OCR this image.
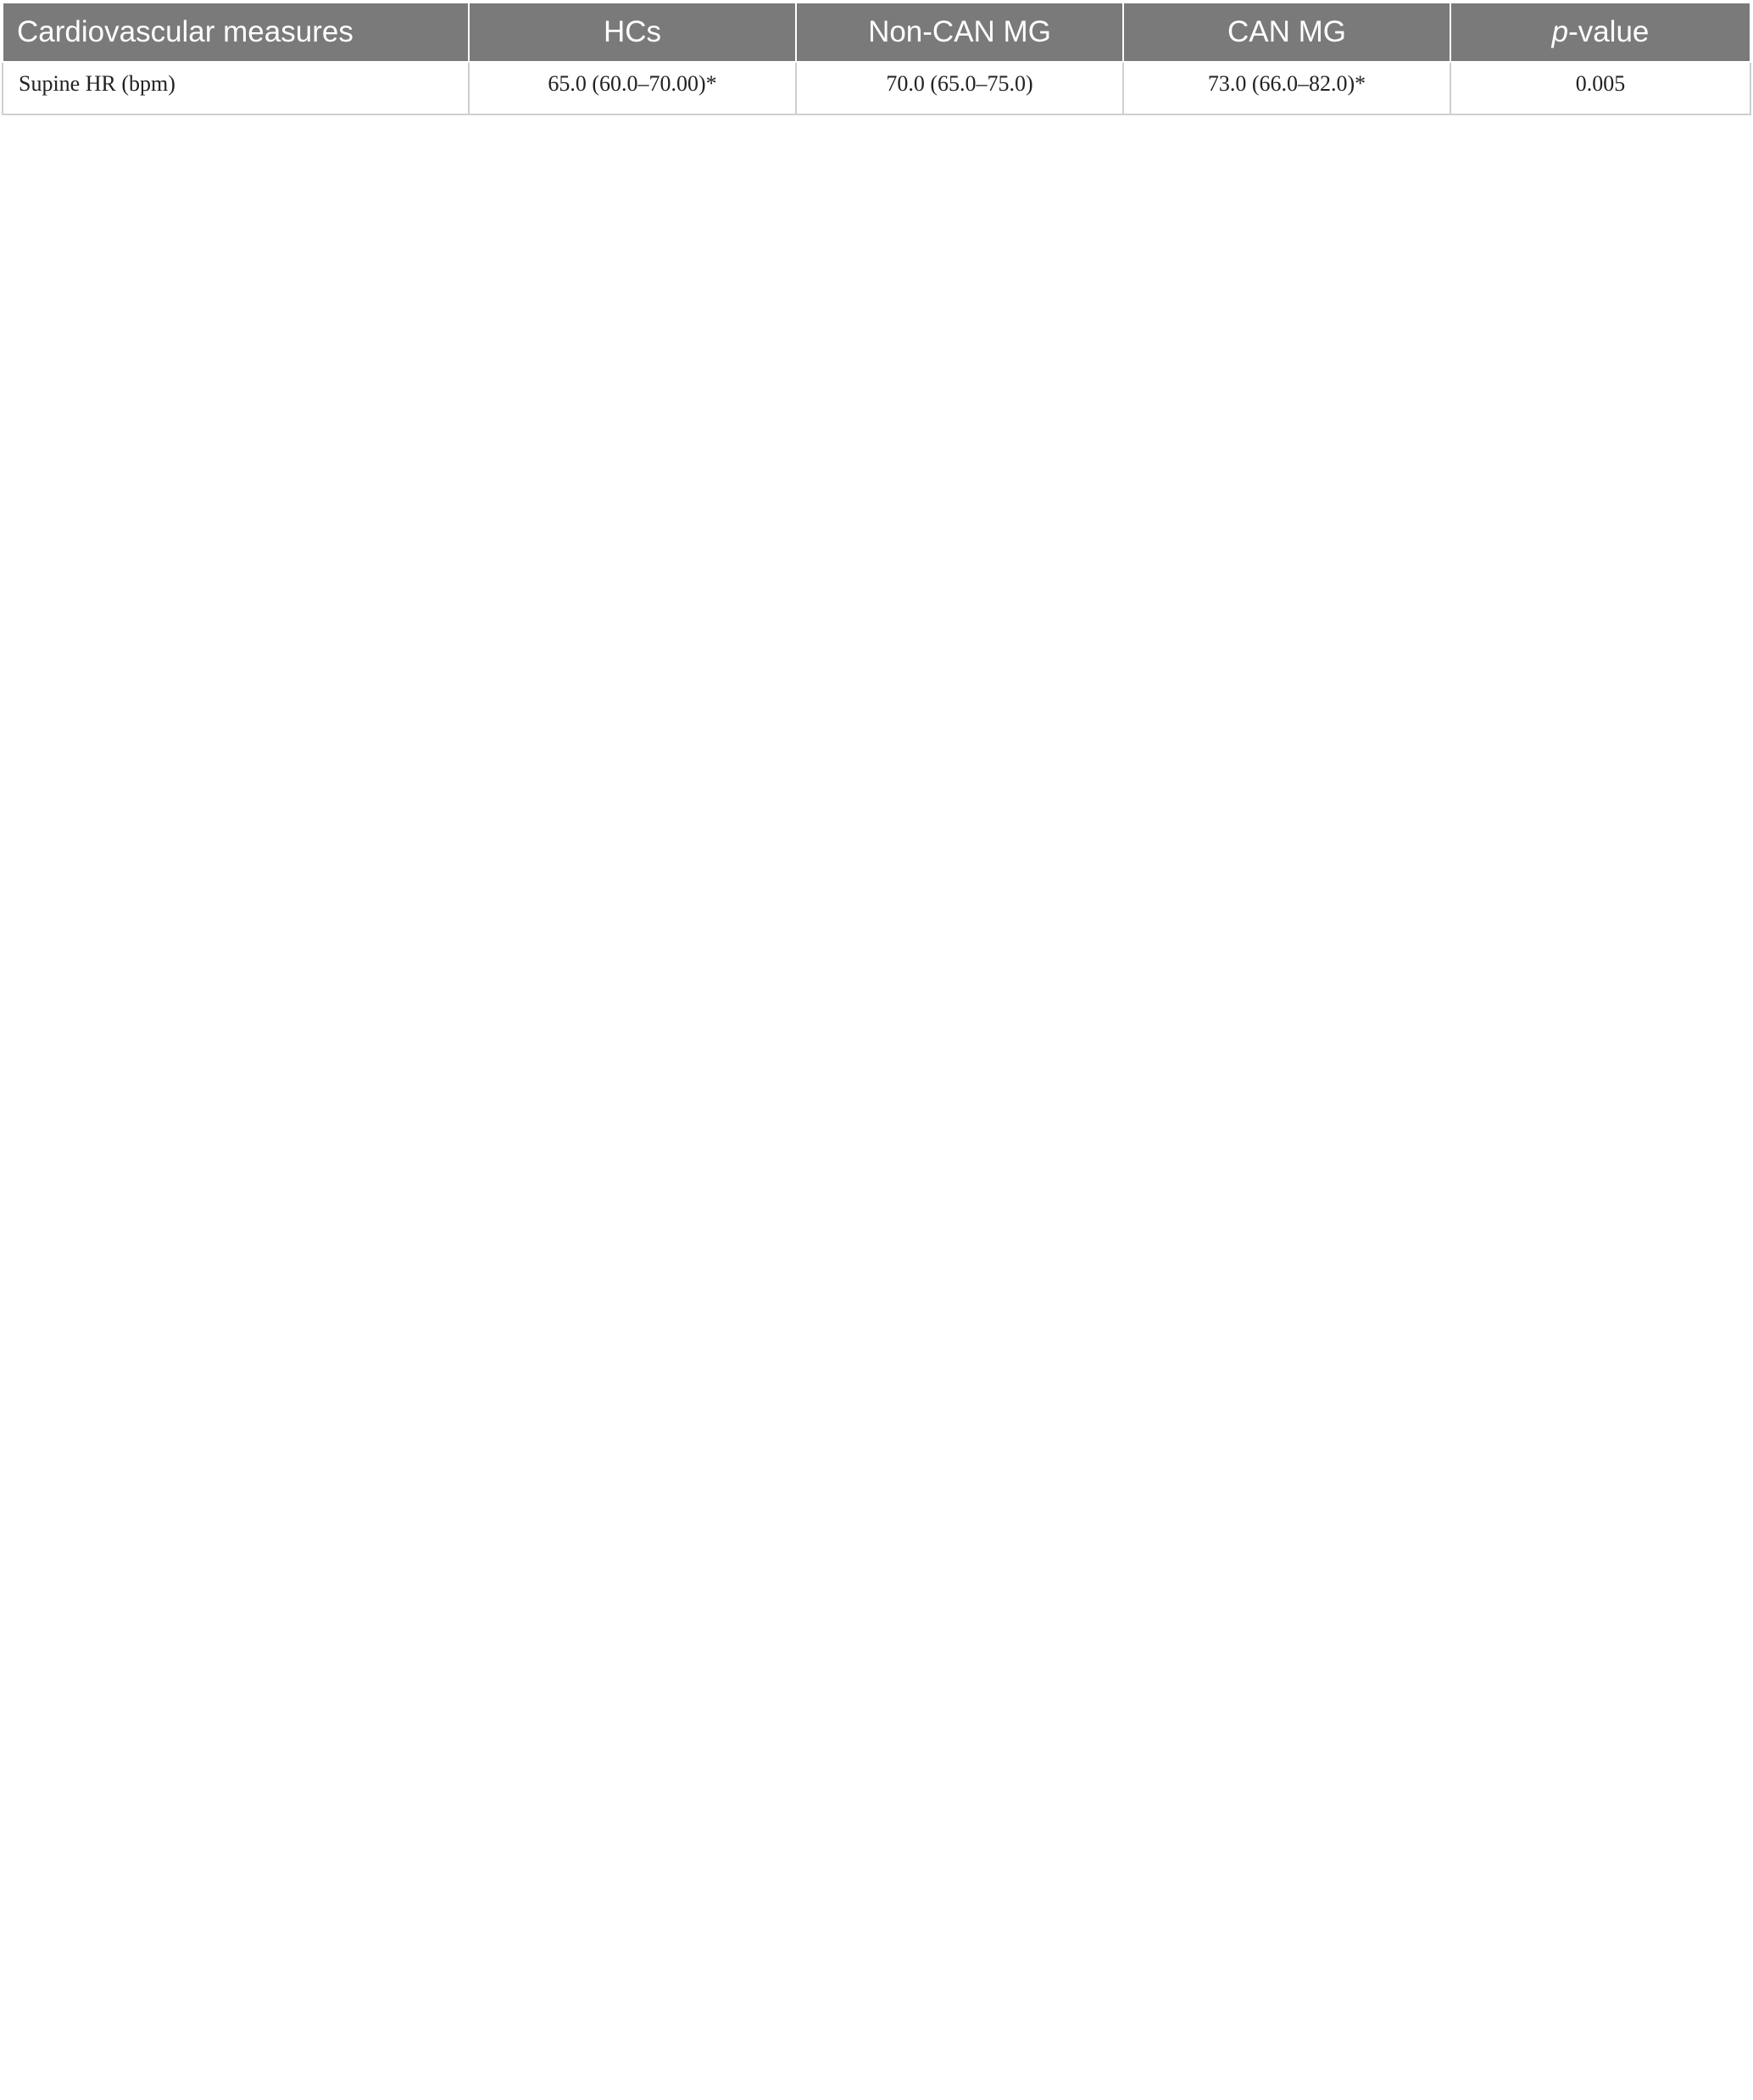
Cardiovascular measures	HCs	Non-CAN MG	CAN MG	p-value
Supine HR (bpm)	65.0 (60.0–70.00)*	70.0 (65.0–75.0)	73.0 (66.0–82.0)*	0.005
